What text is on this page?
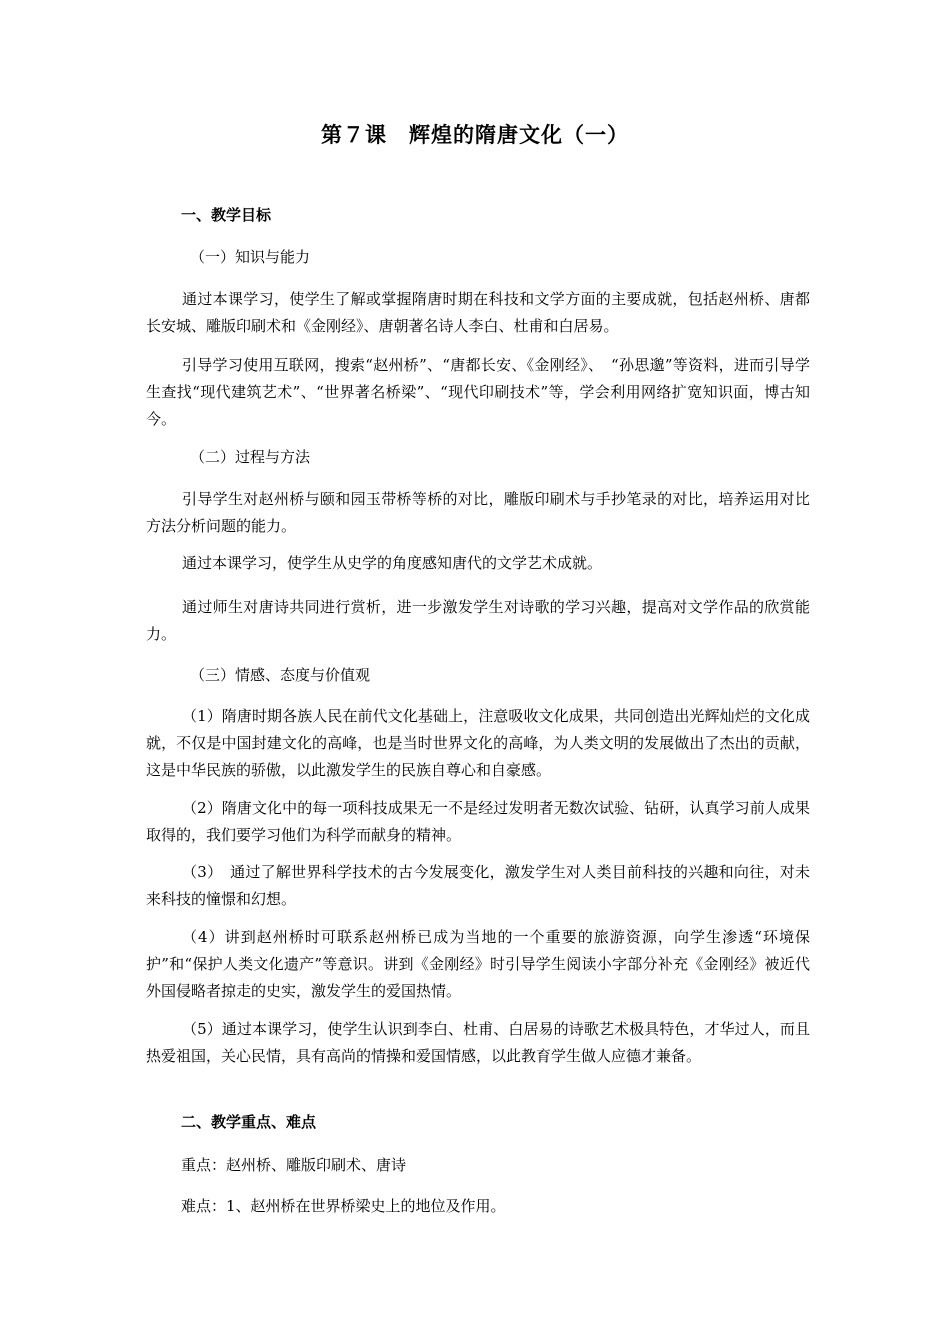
第７课　辉煌的隋唐文化（一）
一、教学目标
（一）知识与能力
通过本课学习，使学生了解或掌握隋唐时期在科技和文学方面的主要成就，包括赵州桥、唐都长安城、雕版印刷术和《金刚经》、唐朝著名诗人李白、杜甫和白居易。
引导学习使用互联网，搜索“赵州桥”、“唐都长安、《金刚经》、　“孙思邈”等资料，进而引导学生查找“现代建筑艺术”、“世界著名桥梁”、“现代印刷技术”等，学会利用网络扩宽知识面，博古知今。
（二）过程与方法
引导学生对赵州桥与颐和园玉带桥等桥的对比，雕版印刷术与手抄笔录的对比，培养运用对比方法分析问题的能力。
通过本课学习，使学生从史学的角度感知唐代的文学艺术成就。
通过师生对唐诗共同进行赏析，进一步激发学生对诗歌的学习兴趣，提高对文学作品的欣赏能力。
（三）情感、态度与价值观
（1）隋唐时期各族人民在前代文化基础上，注意吸收文化成果，共同创造出光辉灿烂的文化成就，不仅是中国封建文化的高峰，也是当时世界文化的高峰，为人类文明的发展做出了杰出的贡献，这是中华民族的骄傲，以此激发学生的民族自尊心和自豪感。
（2）隋唐文化中的每一项科技成果无一不是经过发明者无数次试验、钻研，认真学习前人成果取得的，我们要学习他们为科学而献身的精神。
（3）　通过了解世界科学技术的古今发展变化，激发学生对人类目前科技的兴趣和向往，对未来科技的憧憬和幻想。
（4）讲到赵州桥时可联系赵州桥已成为当地的一个重要的旅游资源，向学生渗透“环境保护”和“保护人类文化遗产”等意识。讲到《金刚经》时引导学生阅读小字部分补充《金刚经》被近代外国侵略者掠走的史实，激发学生的爱国热情。
（5）通过本课学习，使学生认识到李白、杜甫、白居易的诗歌艺术极具特色，才华过人，而且热爱祖国，关心民情，具有高尚的情操和爱国情感，以此教育学生做人应德才兼备。
二、教学重点、难点
重点：赵州桥、雕版印刷术、唐诗
难点：1、赵州桥在世界桥梁史上的地位及作用。
